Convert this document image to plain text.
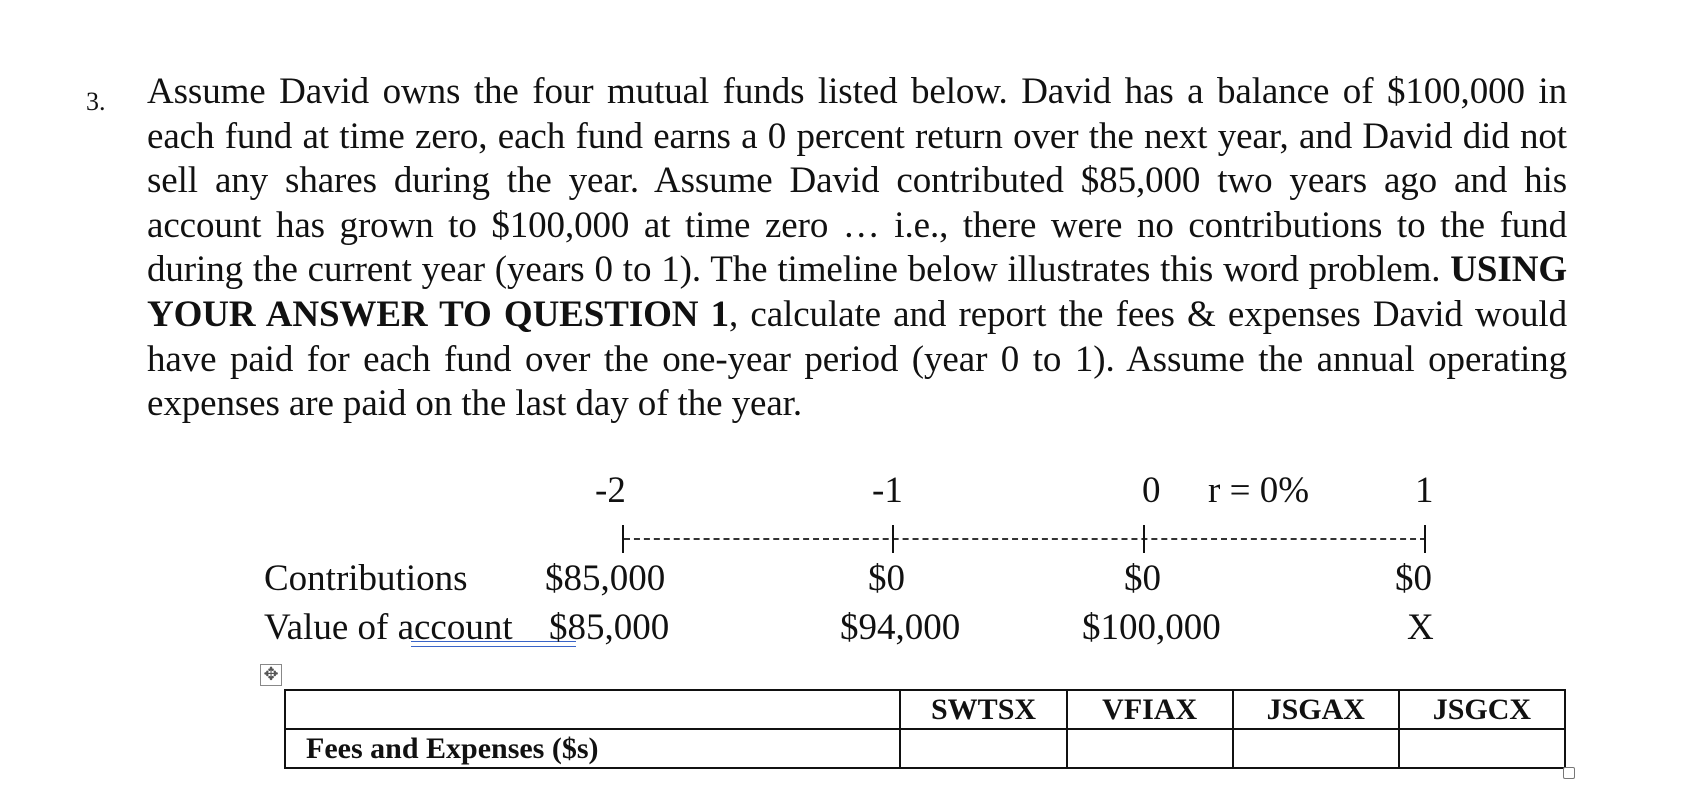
3. Assume David owns the four mutual funds listed below. David has a balance of $100,000 in each fund at time zero, each fund earns a 0 percent return over the next year, and David did not sell any shares during the year. Assume David contributed $85,000 two years ago and his account has grown to $100,000 at time zero … i.e., there were no contributions to the fund during the current year (years 0 to 1). The timeline below illustrates this word problem. USING YOUR ANSWER TO QUESTION 1, calculate and report the fees & expenses David would have paid for each fund over the one-year period (year 0 to 1). Assume the annual operating expenses are paid on the last day of the year.
-2	-1	0 r = 0%	1
Contributions $85,000	$0	$0	$0
Value of account $85,000	$94,000	$100,000	X
✥
	SWTSX	VFIAX	JSGAX	JSGCX
Fees and Expenses ($s)				
